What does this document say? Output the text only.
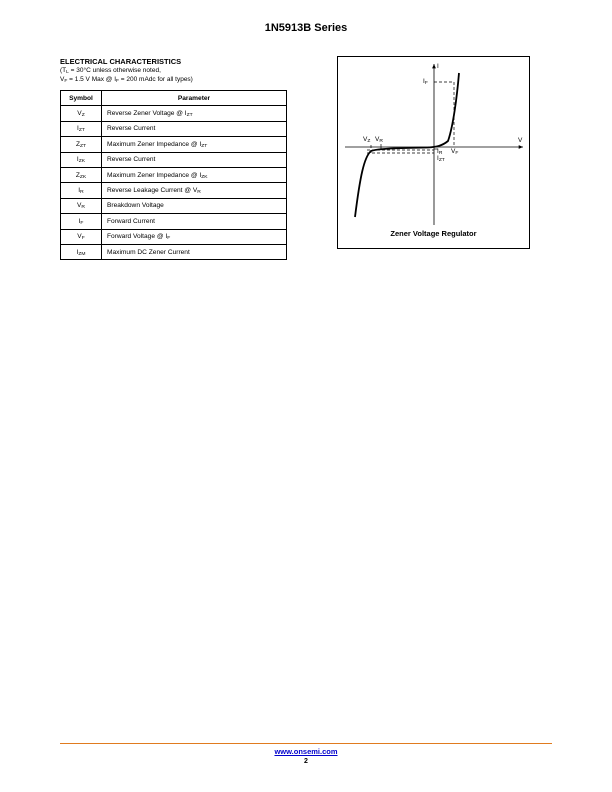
1N5913B Series
ELECTRICAL CHARACTERISTICS
($T_L = 30^\circ C$ unless otherwise noted,
$V_F = 1.5$ V Max @ $I_F = 200$ mAdc for all types)
Symbol	Parameter
$V_Z$	Reverse Zener Voltage @ $I_{ZT}$
$I_{ZT}$	Reverse Current
$Z_{ZT}$	Maximum Zener Impedance @ $I_{ZT}$
$I_{ZK}$	Reverse Current
$Z_{ZK}$	Maximum Zener Impedance @ $I_{ZK}$
$I_R$	Reverse Leakage Current @ $V_R$
$V_R$	Breakdown Voltage
$I_F$	Forward Current
$V_F$	Forward Voltage @ $I_F$
$I_{ZM}$	Maximum DC Zener Current
I
V
$I_F$
$V_Z$ $V_R$
$I_R$
$I_{ZT}$
$V_F$
Zener Voltage Regulator
www.onsemi.com
2
